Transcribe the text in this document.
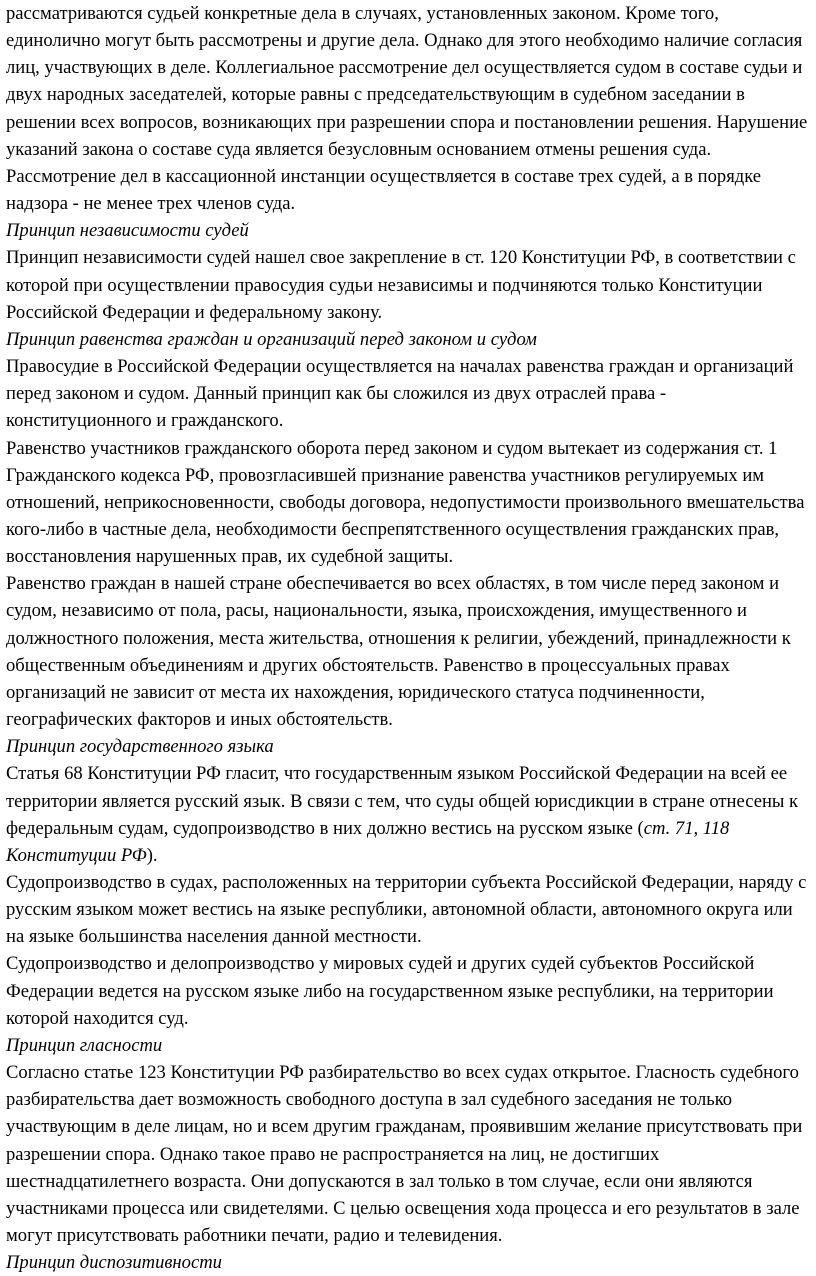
рассматриваются судьей конкретные дела в случаях, установленных законом. Кроме того, единолично могут быть рассмотрены и другие дела. Однако для этого необходимо наличие согласия лиц, участвующих в деле. Коллегиальное рассмотрение дел осуществляется судом в составе судьи и двух народных заседателей, которые равны с председательствующим в судебном заседании в решении всех вопросов, возникающих при разрешении спора и постановлении решения. Нарушение указаний закона о составе суда является безусловным основанием отмены решения суда.

Рассмотрение дел в кассационной инстанции осуществляется в составе трех судей, а в порядке надзора - не менее трех членов суда.

Принцип независимости судей

Принцип независимости судей нашел свое закрепление в ст. 120 Конституции РФ, в соответствии с которой при осуществлении правосудия судьи независимы и подчиняются только Конституции Российской Федерации и федеральному закону.

Принцип равенства граждан и организаций перед законом и судом

Правосудие в Российской Федерации осуществляется на началах равенства граждан и организаций перед законом и судом. Данный принцип как бы сложился из двух отраслей права - конституционного и гражданского.

Равенство участников гражданского оборота перед законом и судом вытекает из содержания ст. 1 Гражданского кодекса РФ, провозгласившей признание равенства участников регулируемых им отношений, неприкосновенности, свободы договора, недопустимости произвольного вмешательства кого-либо в частные дела, необходимости беспрепятственного осуществления гражданских прав, восстановления нарушенных прав, их судебной защиты.

Равенство граждан в нашей стране обеспечивается во всех областях, в том числе перед законом и судом, независимо от пола, расы, национальности, языка, происхождения, имущественного и должностного положения, места жительства, отношения к религии, убеждений, принадлежности к общественным объединениям и других обстоятельств. Равенство в процессуальных правах организаций не зависит от места их нахождения, юридического статуса подчиненности, географических факторов и иных обстоятельств.

Принцип государственного языка

Статья 68 Конституции РФ гласит, что государственным языком Российской Федерации на всей ее территории является русский язык. В связи с тем, что суды общей юрисдикции в стране отнесены к федеральным судам, судопроизводство в них должно вестись на русском языке (ст. 71, 118 Конституции РФ).

Судопроизводство в судах, расположенных на территории субъекта Российской Федерации, наряду с русским языком может вестись на языке республики, автономной области, автономного округа или на языке большинства населения данной местности.

Судопроизводство и делопроизводство у мировых судей и других судей субъектов Российской Федерации ведется на русском языке либо на государственном языке республики, на территории которой находится суд.

Принцип гласности

Согласно статье 123 Конституции РФ разбирательство во всех судах открытое. Гласность судебного разбирательства дает возможность свободного доступа в зал судебного заседания не только участвующим в деле лицам, но и всем другим гражданам, проявившим желание присутствовать при разрешении спора. Однако такое право не распространяется на лиц, не достигших шестнадцатилетнего возраста. Они допускаются в зал только в том случае, если они являются участниками процесса или свидетелями. С целью освещения хода процесса и его результатов в зале могут присутствовать работники печати, радио и телевидения.

Принцип диспозитивности
